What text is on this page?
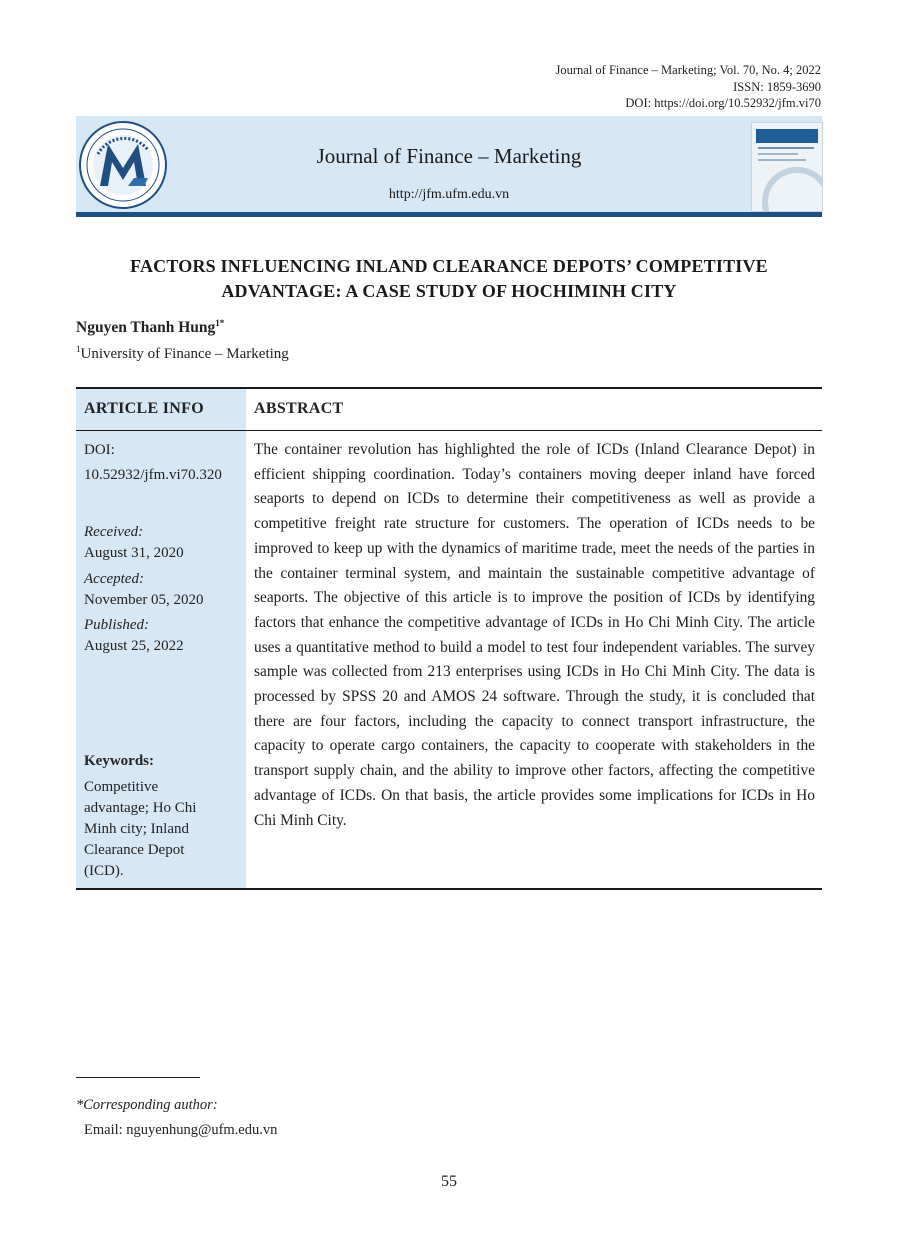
Journal of Finance – Marketing; Vol. 70, No. 4; 2022
ISSN: 1859-3690
DOI: https://doi.org/10.52932/jfm.vi70
Journal of Finance – Marketing
http://jfm.ufm.edu.vn
FACTORS INFLUENCING INLAND CLEARANCE DEPOTS’ COMPETITIVE
ADVANTAGE: A CASE STUDY OF HOCHIMINH CITY
Nguyen Thanh Hung$^{1*}$
$^1$University of Finance – Marketing
ARTICLE INFO	ABSTRACT
DOI:
10.52932/jfm.vi70.320
Received:
August 31, 2020
Accepted:
November 05, 2020
Published:
August 25, 2022
Keywords:
Competitive
advantage; Ho Chi
Minh city; Inland
Clearance Depot
(ICD).
The container revolution has highlighted the role of ICDs (Inland Clearance Depot) in efficient shipping coordination. Today’s containers moving deeper inland have forced seaports to depend on ICDs to determine their competitiveness as well as provide a competitive freight rate structure for customers. The operation of ICDs needs to be improved to keep up with the dynamics of maritime trade, meet the needs of the parties in the container terminal system, and maintain the sustainable competitive advantage of seaports. The objective of this article is to improve the position of ICDs by identifying factors that enhance the competitive advantage of ICDs in Ho Chi Minh City. The article uses a quantitative method to build a model to test four independent variables. The survey sample was collected from 213 enterprises using ICDs in Ho Chi Minh City. The data is processed by SPSS 20 and AMOS 24 software. Through the study, it is concluded that there are four factors, including the capacity to connect transport infrastructure, the capacity to operate cargo containers, the capacity to cooperate with stakeholders in the transport supply chain, and the ability to improve other factors, affecting the competitive advantage of ICDs. On that basis, the article provides some implications for ICDs in Ho Chi Minh City.
*Corresponding author:
Email: nguyenhung@ufm.edu.vn
55
